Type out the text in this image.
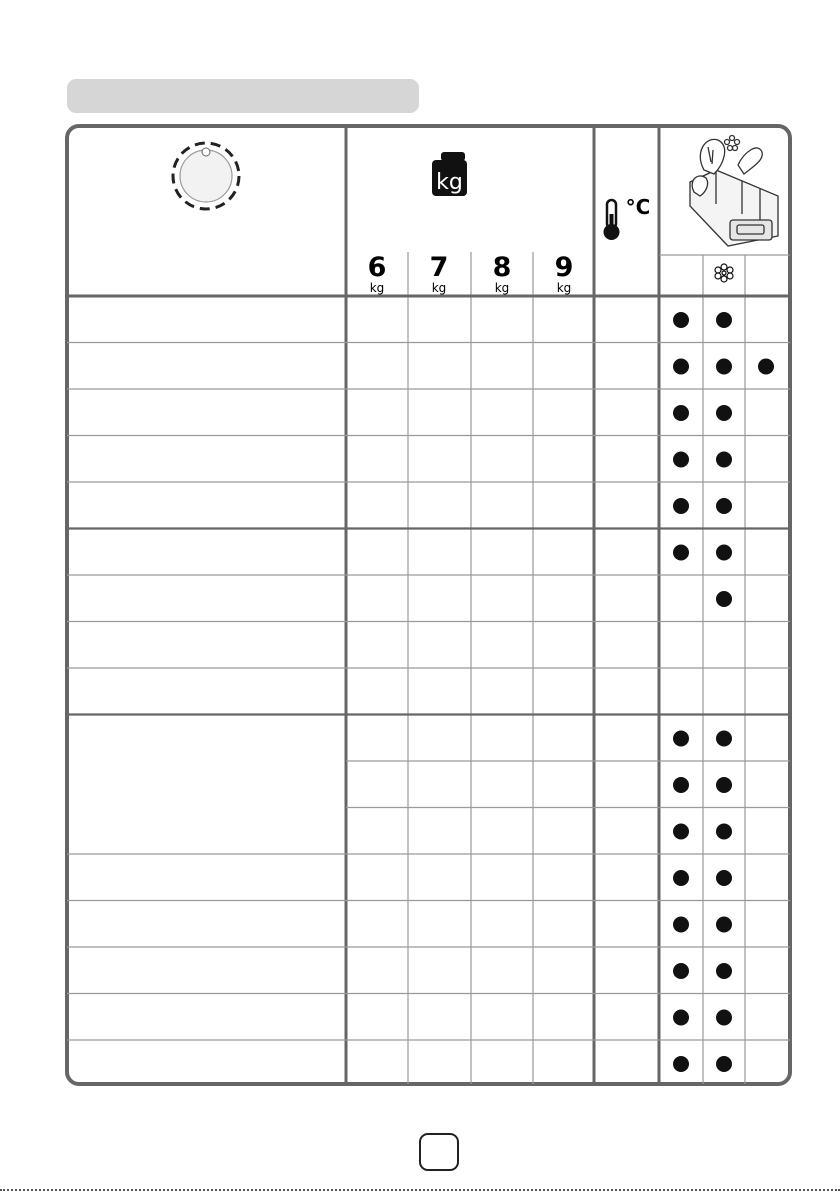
kg
6
kg
7
kg
8
kg
9
kg
°C
